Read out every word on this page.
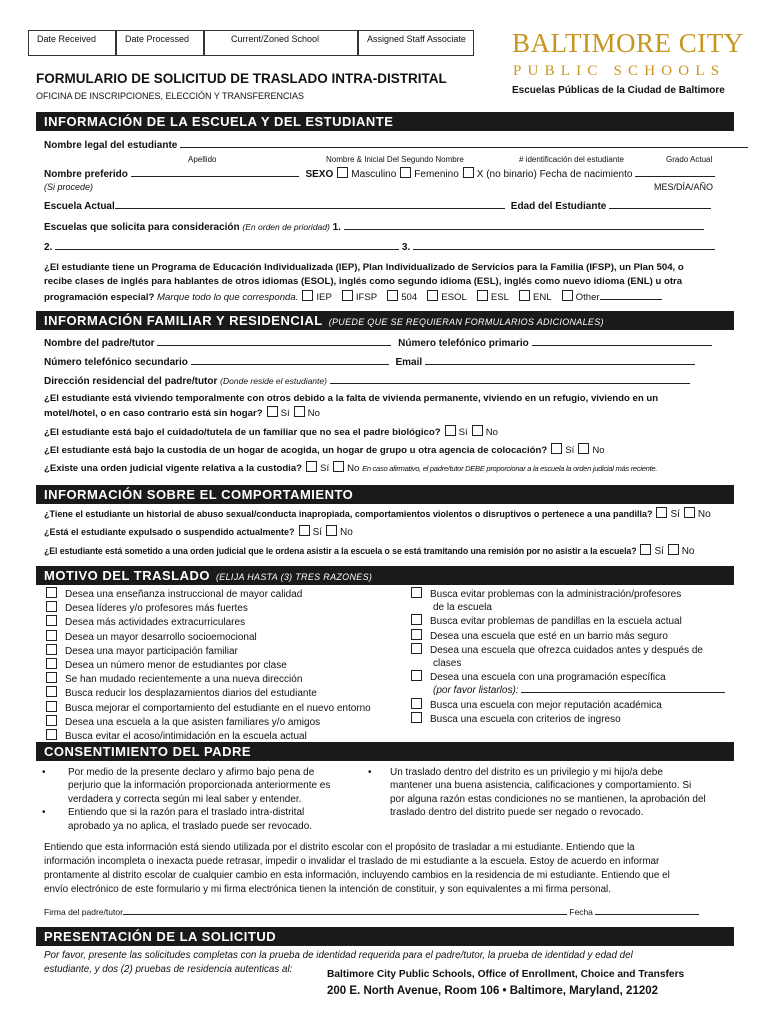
Date Received	Date Processed	Current/Zoned School	Assigned Staff Associate BALTIMORE CITY
PUBLIC SCHOOLS
Escuelas Públicas de la Ciudad de Baltimore
FORMULARIO DE SOLICITUD DE TRASLADO INTRA-DISTRITAL
OFICINA DE INSCRIPCIONES, ELECCIÓN Y TRANSFERENCIAS
INFORMACIÓN DE LA ESCUELA Y DEL ESTUDIANTE
Nombre legal del estudiante
Apellido	Nombre & Inicial Del Segundo Nombre	# identificación del estudiante	Grado Actual
Nombre preferido	SEXO Masculino Femenino X (no binario) Fecha de nacimiento
(Si procede)	MES/DÍA/AÑO
Escuela Actual	Edad del Estudiante
Escuelas que solicita para consideración (En orden de prioridad) 1.
2.	3.
¿El estudiante tiene un Programa de Educación Individualizada (IEP), Plan Individualizado de Servicios para la Familia (IFSP), un Plan 504, o
recibe clases de inglés para hablantes de otros idiomas (ESOL), inglés como segundo idioma (ESL), inglés como nuevo idioma (ENL) u otra
programación especial? Marque todo lo que corresponda. IEP	IFSP	504	ESOL	ESL	ENL	Other
INFORMACIÓN FAMILIAR Y RESIDENCIAL (PUEDE QUE SE REQUIERAN FORMULARIOS ADICIONALES)
Nombre del padre/tutor	Número telefónico primario
Número telefónico secundario	Email
Dirección residencial del padre/tutor (Donde reside el estudiante)
¿El estudiante está viviendo temporalmente con otros debido a la falta de vivienda permanente, viviendo en un refugio, viviendo en un
motel/hotel, o en caso contrario está sin hogar? Sí No
¿El estudiante está bajo el cuidado/tutela de un familiar que no sea el padre biológico? Sí No
¿El estudiante está bajo la custodia de un hogar de acogida, un hogar de grupo u otra agencia de colocación? Sí No
¿Existe una orden judicial vigente relativa a la custodia? Sí No En caso afirmativo, el padre/tutor DEBE proporcionar a la escuela la orden judicial más reciente.
INFORMACIÓN SOBRE EL COMPORTAMIENTO
¿Tiene el estudiante un historial de abuso sexual/conducta inapropiada, comportamientos violentos o disruptivos o pertenece a una pandilla? Sí No
¿Está el estudiante expulsado o suspendido actualmente? Sí No
¿El estudiante está sometido a una orden judicial que le ordena asistir a la escuela o se está tramitando una remisión por no asistir a la escuela? Sí No
MOTIVO DEL TRASLADO (ELIJA HASTA (3) TRES RAZONES)
Desea una enseñanza instruccional de mayor calidad
Desea líderes y/o profesores más fuertes
Desea más actividades extracurriculares
Desea un mayor desarrollo socioemocional
Desea una mayor participación familiar
Desea un número menor de estudiantes por clase
Se han mudado recientemente a una nueva dirección
Busca reducir los desplazamientos diarios del estudiante
Busca mejorar el comportamiento del estudiante en el nuevo entorno
Desea una escuela a la que asisten familiares y/o amigos
Busca evitar el acoso/intimidación en la escuela actual
Busca evitar problemas con la administración/profesores
de la escuela
Busca evitar problemas de pandillas en la escuela actual
Desea una escuela que esté en un barrio más seguro
Desea una escuela que ofrezca cuidados antes y después de
clases
Desea una escuela con una programación específica
(por favor listarlos):
Busca una escuela con mejor reputación académica
Busca una escuela con criterios de ingreso
CONSENTIMIENTO DEL PADRE
• Por medio de la presente declaro y afirmo bajo pena de
perjurio que la información proporcionada anteriormente es
verdadera y correcta según mi leal saber y entender.
• Entiendo que si la razón para el traslado intra-distrital
aprobado ya no aplica, el traslado puede ser revocado.
• Un traslado dentro del distrito es un privilegio y mi hijo/a debe
mantener una buena asistencia, calificaciones y comportamiento. Si
por alguna razón estas condiciones no se mantienen, la aprobación del
traslado dentro del distrito puede ser negado o revocado.
Entiendo que esta información está siendo utilizada por el distrito escolar con el propósito de trasladar a mi estudiante. Entiendo que la
información incompleta o inexacta puede retrasar, impedir o invalidar el traslado de mi estudiante a la escuela. Estoy de acuerdo en informar
prontamente al distrito escolar de cualquier cambio en esta información, incluyendo cambios en la residencia de mi estudiante. Entiendo que el
envío electrónico de este formulario y mi firma electrónica tienen la intención de constituir, y son equivalentes a mi firma personal.
Firma del padre/tutor	Fecha
PRESENTACIÓN DE LA SOLICITUD
Por favor, presente las solicitudes completas con la prueba de identidad requerida para el padre/tutor, la prueba de identidad y edad del
estudiante, y dos (2) pruebas de residencia autenticas al:	Baltimore City Public Schools, Office of Enrollment, Choice and Transfers
200 E. North Avenue, Room 106 • Baltimore, Maryland, 21202
